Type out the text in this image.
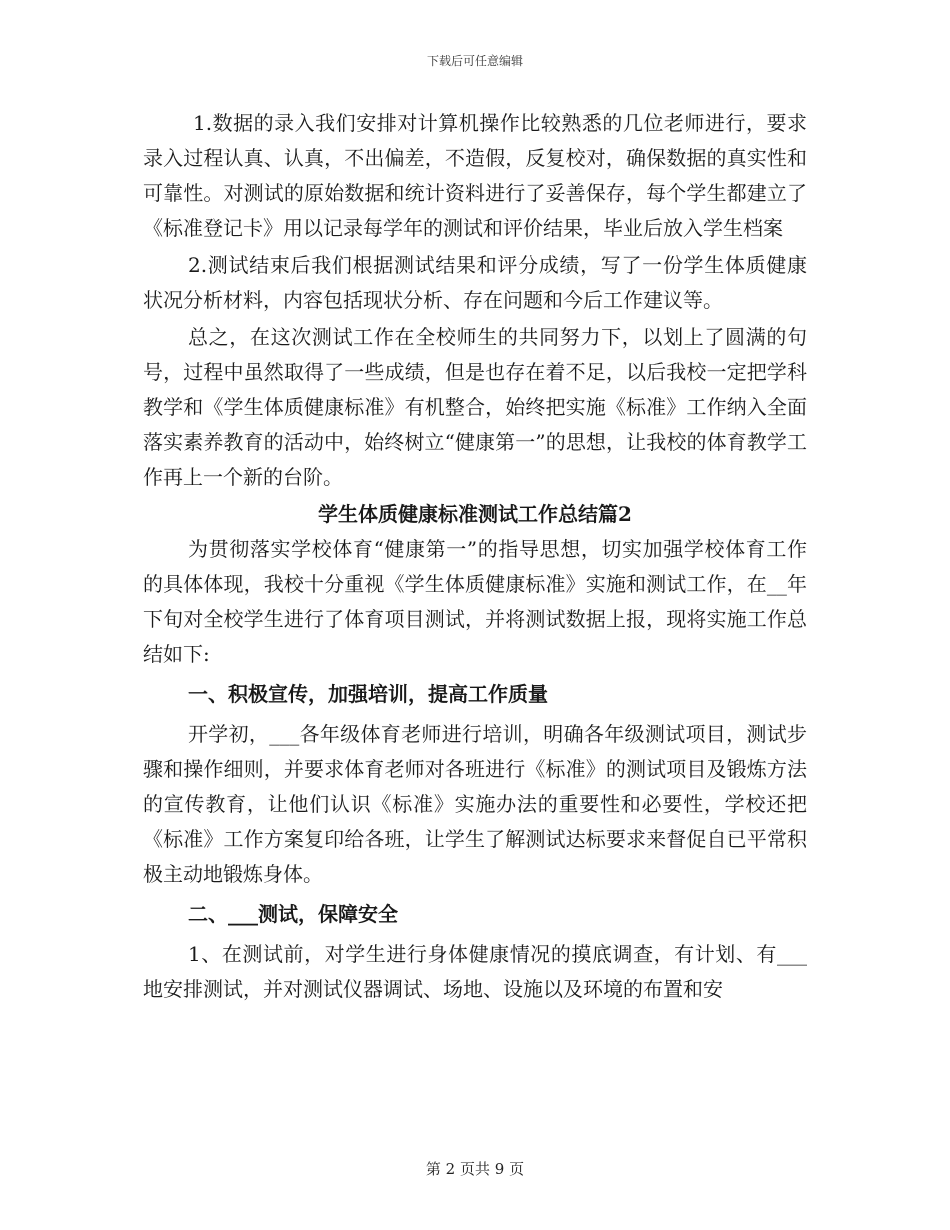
下载后可任意编辑

1.数据的录入我们安排对计算机操作比较熟悉的几位老师进行，要求录入过程认真、认真，不出偏差，不造假，反复校对，确保数据的真实性和可靠性。对测试的原始数据和统计资料进行了妥善保存，每个学生都建立了《标准登记卡》用以记录每学年的测试和评价结果，毕业后放入学生档案

2.测试结束后我们根据测试结果和评分成绩，写了一份学生体质健康状况分析材料，内容包括现状分析、存在问题和今后工作建议等。

总之，在这次测试工作在全校师生的共同努力下，以划上了圆满的句号，过程中虽然取得了一些成绩，但是也存在着不足，以后我校一定把学科教学和《学生体质健康标准》有机整合，始终把实施《标准》工作纳入全面落实素养教育的活动中，始终树立“健康第一”的思想，让我校的体育教学工作再上一个新的台阶。

学生体质健康标准测试工作总结篇2

为贯彻落实学校体育“健康第一”的指导思想，切实加强学校体育工作的具体体现，我校十分重视《学生体质健康标准》实施和测试工作，在__年下旬对全校学生进行了体育项目测试，并将测试数据上报，现将实施工作总结如下:

一、积极宣传，加强培训，提高工作质量

开学初，___各年级体育老师进行培训，明确各年级测试项目，测试步骤和操作细则，并要求体育老师对各班进行《标准》的测试项目及锻炼方法的宣传教育，让他们认识《标准》实施办法的重要性和必要性，学校还把《标准》工作方案复印给各班，让学生了解测试达标要求来督促自已平常积极主动地锻炼身体。

二、___测试，保障安全

1、在测试前，对学生进行身体健康情况的摸底调查，有计划、有___地安排测试，并对测试仪器调试、场地、设施以及环境的布置和安

第 2 页共 9 页
